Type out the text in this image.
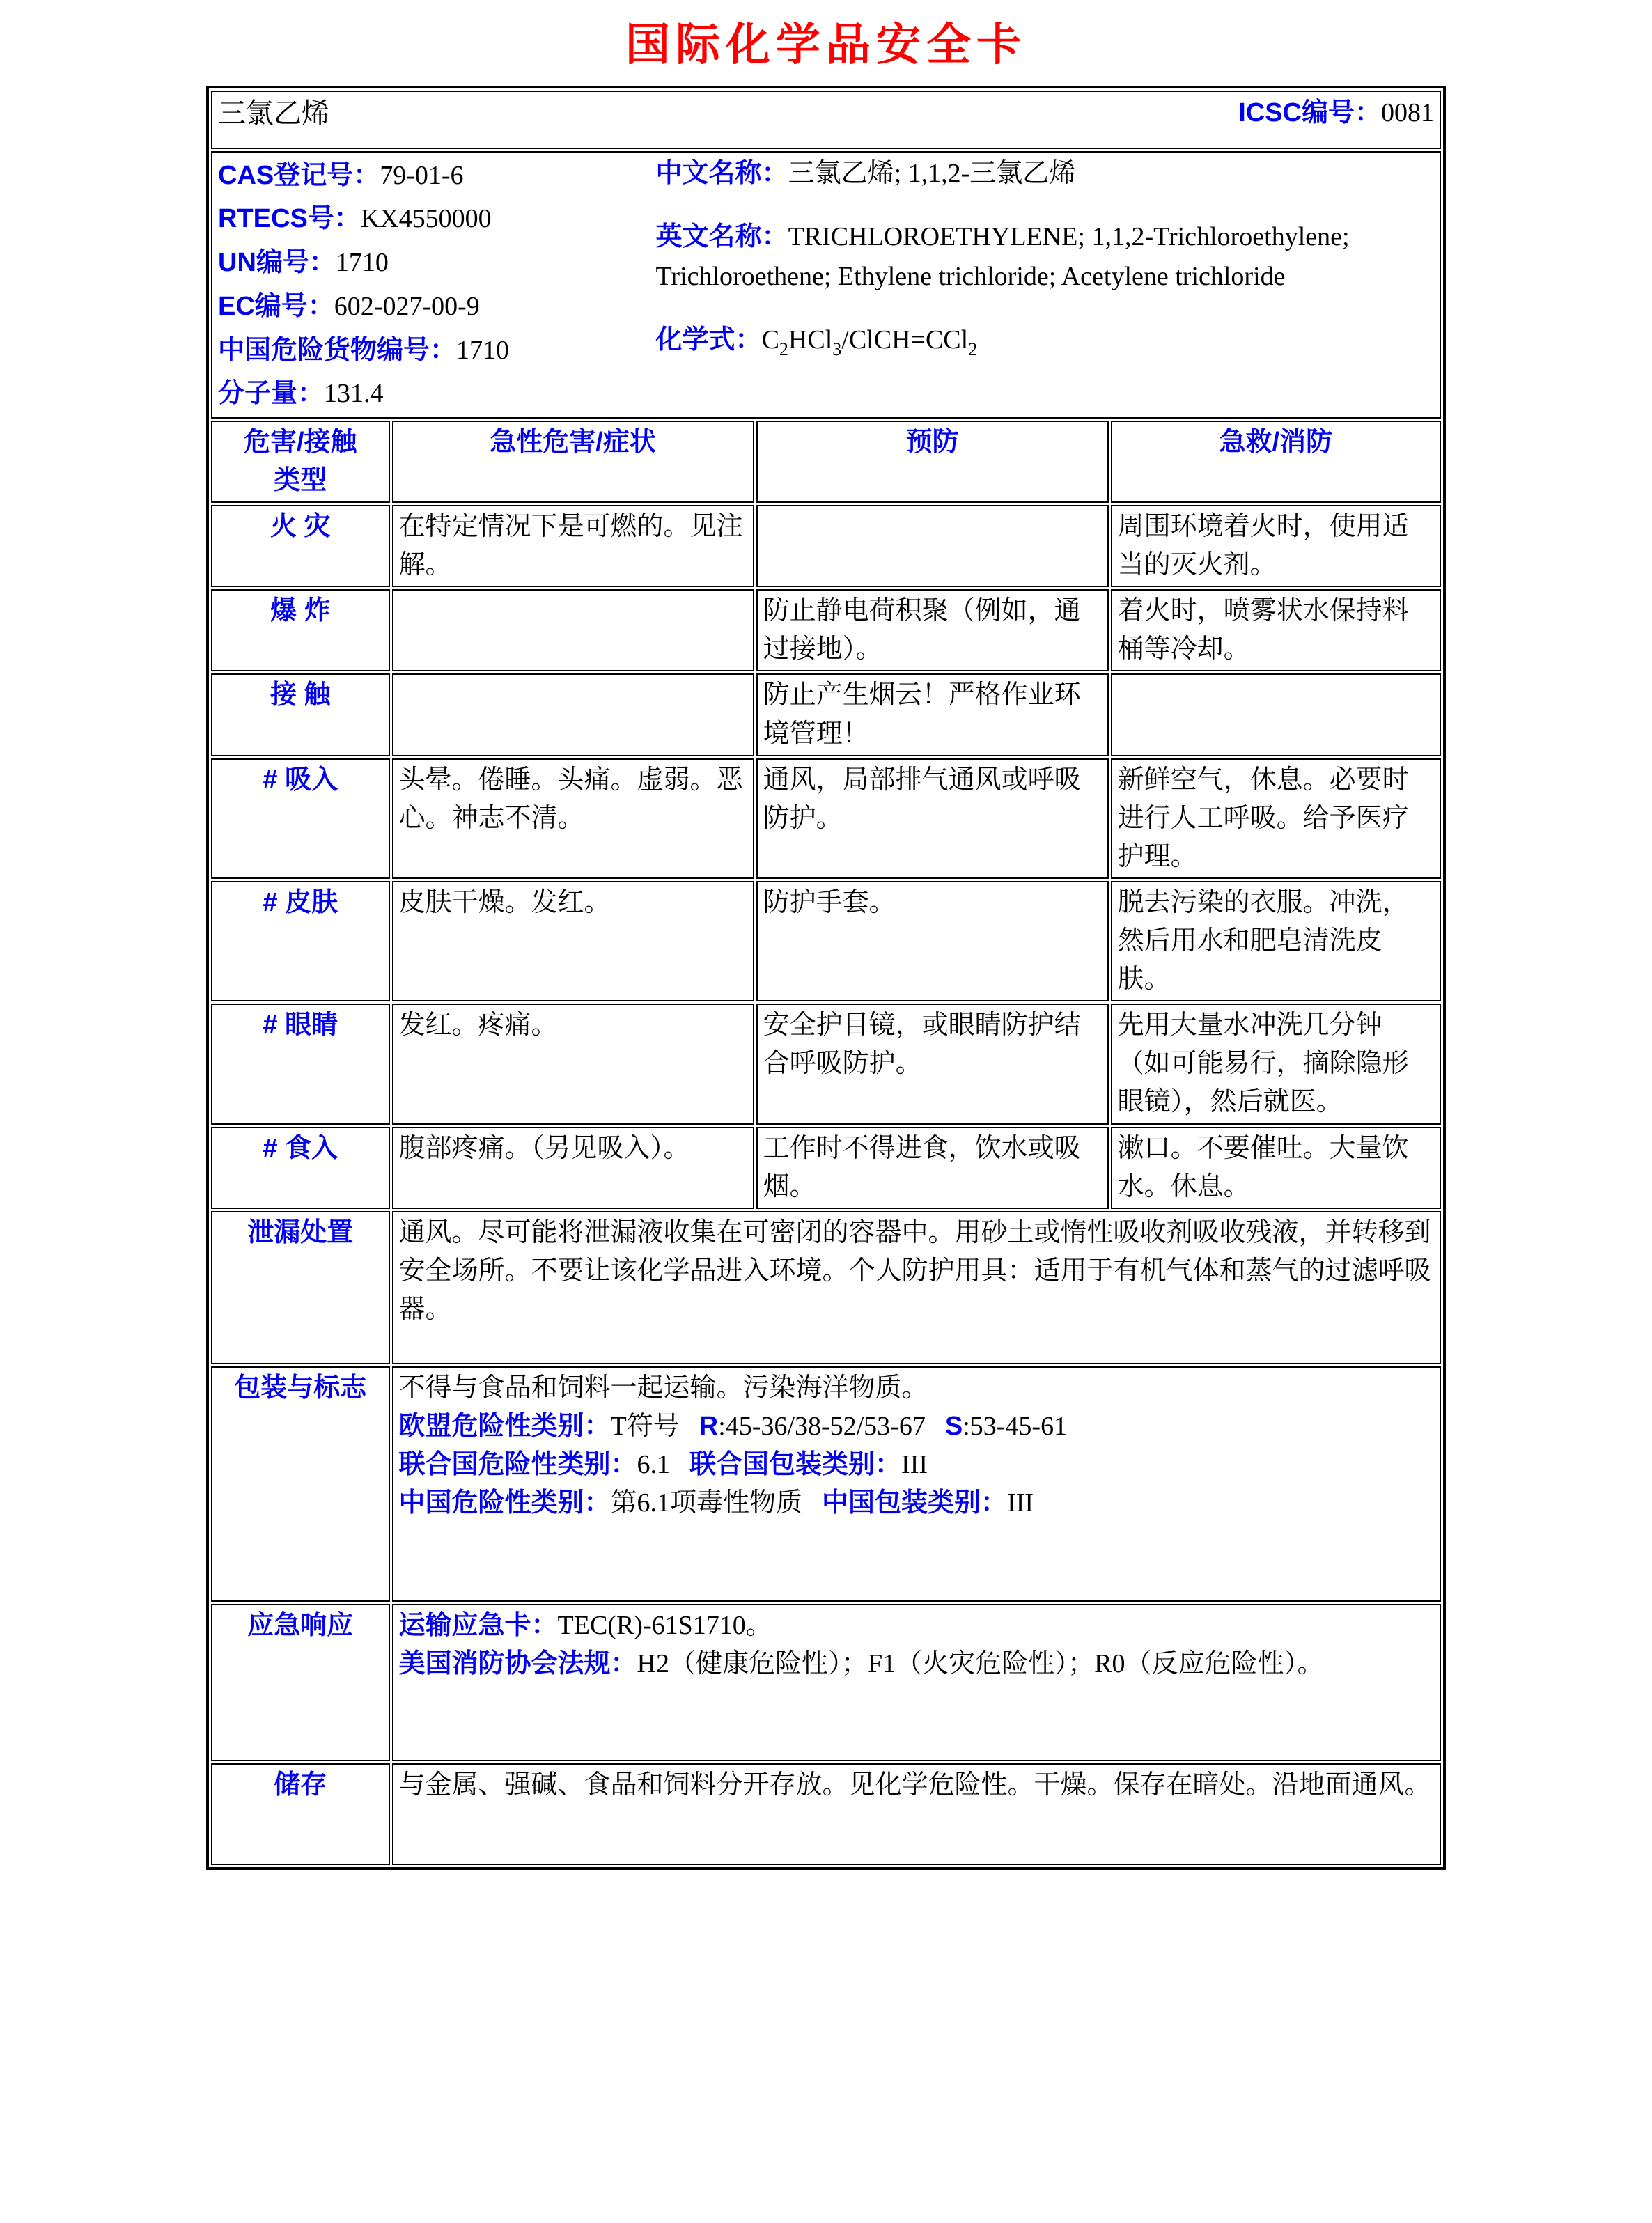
国际化学品安全卡
三氯乙烯 ICSC编号：0081			

CAS登记号：79-01-6
RTECS号：KX4550000
UN编号：1710
EC编号：602-027-00-9
中国危险货物编号：1710
分子量：131.4
中文名称：三氯乙烯; 1,1,2-三氯乙烯
英文名称：TRICHLOROETHYLENE; 1,1,2-Trichloroethylene; Trichloroethene; Ethylene trichloride; Acetylene trichloride
化学式：$C_2HCl_3/ClCH=CCl_2$

危害/接触
类型	急性危害/症状	预防	急救/消防
火 灾	在特定情况下是可燃的。见注解。		周围环境着火时，使用适当的灭火剂。
爆 炸		防止静电荷积聚（例如，通过接地）。	着火时，喷雾状水保持料桶等冷却。
接 触		防止产生烟云！严格作业环境管理！	
# 吸入	头晕。倦睡。头痛。虚弱。恶心。神志不清。	通风，局部排气通风或呼吸防护。	新鲜空气，休息。必要时进行人工呼吸。给予医疗护理。
# 皮肤	皮肤干燥。发红。	防护手套。	脱去污染的衣服。冲洗，然后用水和肥皂清洗皮肤。
# 眼睛	发红。疼痛。	安全护目镜，或眼睛防护结合呼吸防护。	先用大量水冲洗几分钟（如可能易行，摘除隐形眼镜），然后就医。
# 食入	腹部疼痛。（另见吸入）。	工作时不得进食，饮水或吸烟。	漱口。不要催吐。大量饮水。休息。
泄漏处置	通风。尽可能将泄漏液收集在可密闭的容器中。用砂土或惰性吸收剂吸收残液，并转移到安全场所。不要让该化学品进入环境。个人防护用具：适用于有机气体和蒸气的过滤呼吸器。		
包装与标志	不得与食品和饲料一起运输。污染海洋物质。
欧盟危险性类别：T符号 R:45-36/38-52/53-67 S:53-45-61
联合国危险性类别：6.1 联合国包装类别：III
中国危险性类别：第6.1项毒性物质 中国包装类别：III		

应急响应	运输应急卡：TEC(R)-61S1710。
美国消防协会法规：H2（健康危险性）；F1（火灾危险性）；R0（反应危险性）。		

储存	与金属、强碱、食品和饲料分开存放。见化学危险性。干燥。保存在暗处。沿地面通风。		
